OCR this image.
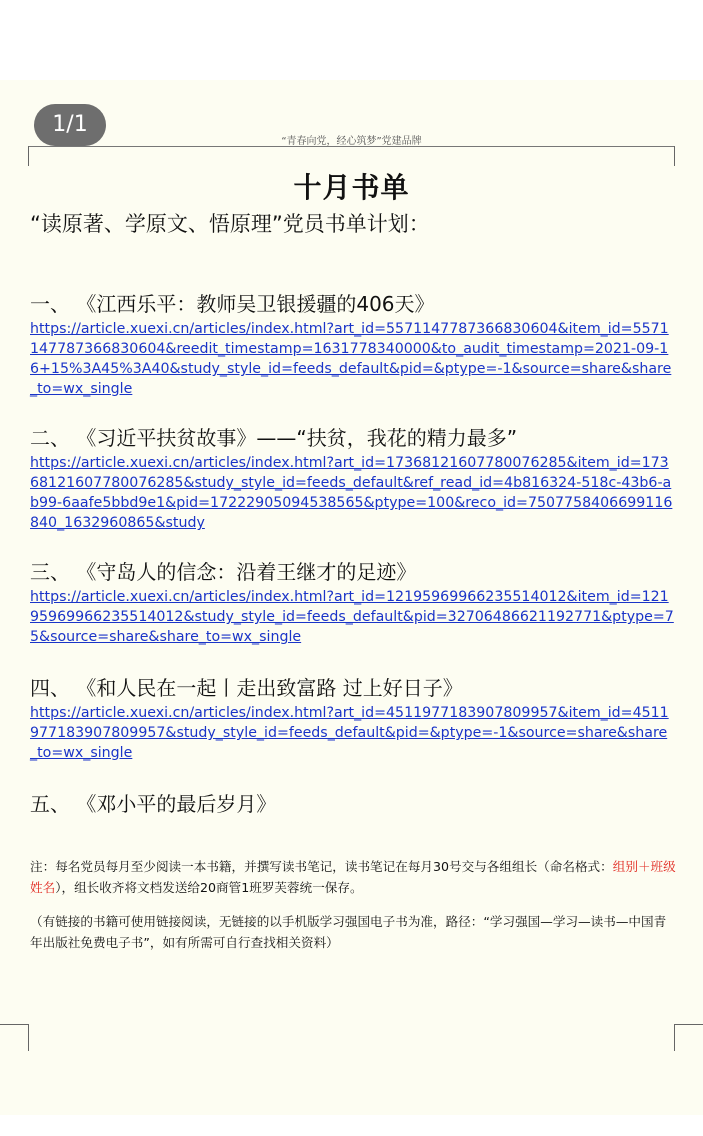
1/1
“青春向党，经心筑梦”党建品牌
十月书单
“读原著、学原文、悟原理”党员书单计划：
一、 《江西乐平：教师吴卫银援疆的406天》
https://article.xuexi.cn/articles/index.html?art_id=5571147787366830604&item_id=5571147787366830604&reedit_timestamp=1631778340000&to_audit_timestamp=2021-09-16+15%3A45%3A40&study_style_id=feeds_default&pid=&ptype=-1&source=share&share_to=wx_single
二、 《习近平扶贫故事》——“扶贫，我花的精力最多”
https://article.xuexi.cn/articles/index.html?art_id=17368121607780076285&item_id=17368121607780076285&study_style_id=feeds_default&ref_read_id=4b816324-518c-43b6-ab99-6aafe5bbd9e1&pid=17222905094538565&ptype=100&reco_id=7507758406699116840_1632960865&study
三、 《守岛人的信念：沿着王继才的足迹》
https://article.xuexi.cn/articles/index.html?art_id=12195969966235514012&item_id=12195969966235514012&study_style_id=feeds_default&pid=32706486621192771&ptype=75&source=share&share_to=wx_single
四、 《和人民在一起丨走出致富路 过上好日子》
https://article.xuexi.cn/articles/index.html?art_id=4511977183907809957&item_id=4511977183907809957&study_style_id=feeds_default&pid=&ptype=-1&source=share&share_to=wx_single
五、 《邓小平的最后岁月》
注：每名党员每月至少阅读一本书籍，并撰写读书笔记，读书笔记在每月30号交与各组组长（命名格式：组别＋班级姓名），组长收齐将文档发送给20商管1班罗芙蓉统一保存。
（有链接的书籍可使用链接阅读，无链接的以手机版学习强国电子书为准，路径：“学习强国—学习—读书—中国青年出版社免费电子书”，如有所需可自行查找相关资料）
